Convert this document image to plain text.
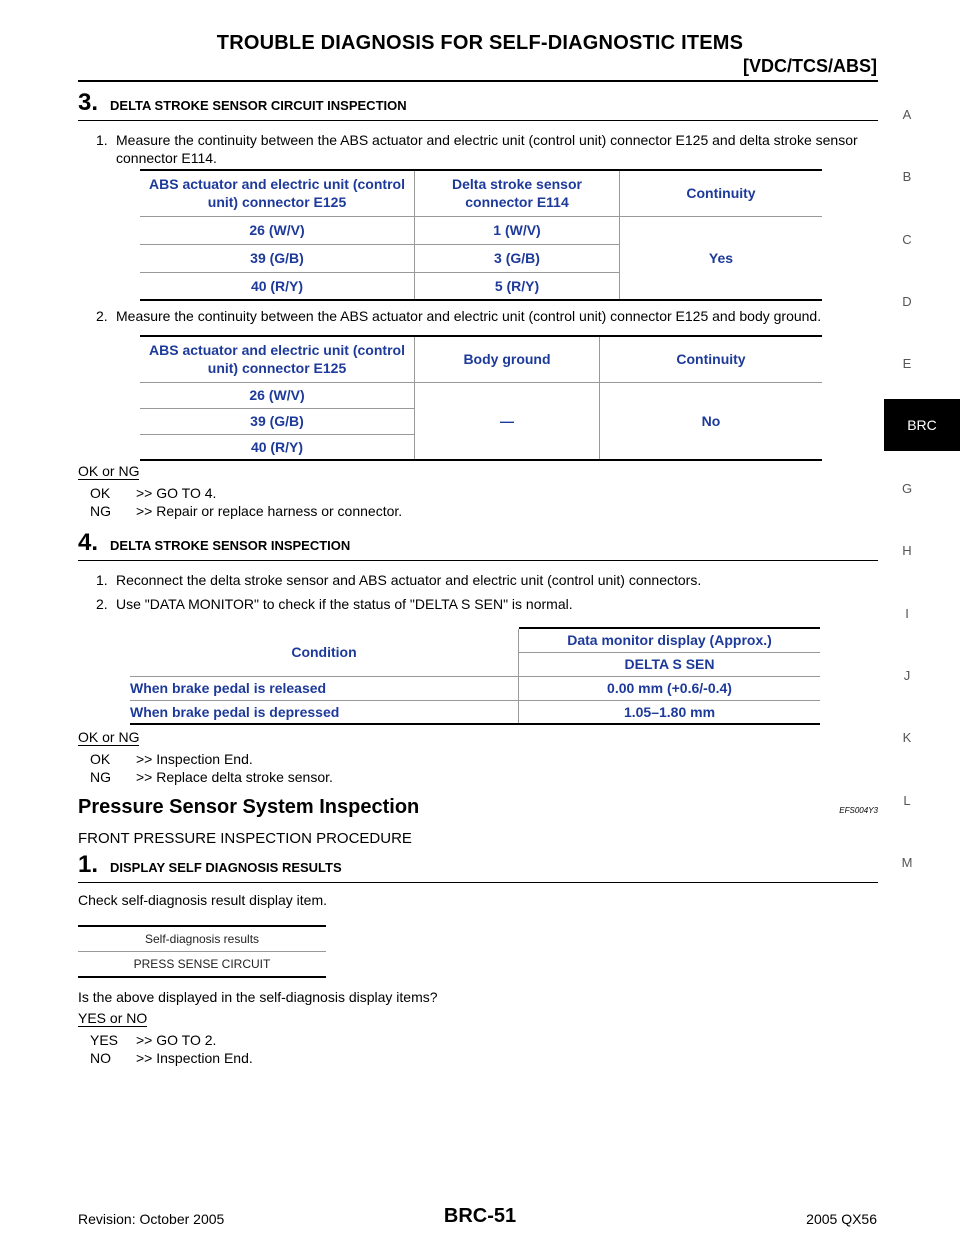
TROUBLE DIAGNOSIS FOR SELF-DIAGNOSTIC ITEMS
[VDC/TCS/ABS]
A
B
C
D
E
BRC
G
H
I
J
K
L
M
3. DELTA STROKE SENSOR CIRCUIT INSPECTION
1. Measure the continuity between the ABS actuator and electric unit (control unit) connector E125 and delta stroke sensor connector E114.
ABS actuator and electric unit (control unit) connector E125	Delta stroke sensor connector E114	Continuity
26 (W/V)	1 (W/V)	Yes
39 (G/B)	3 (G/B)	
40 (R/Y)	5 (R/Y)	
2. Measure the continuity between the ABS actuator and electric unit (control unit) connector E125 and body ground.
ABS actuator and electric unit (control unit) connector E125	Body ground	Continuity
26 (W/V)	—	No
39 (G/B)		
40 (R/Y)		
OK or NG
OK	>> GO TO 4.
NG	>> Repair or replace harness or connector.
4. DELTA STROKE SENSOR INSPECTION
1. Reconnect the delta stroke sensor and ABS actuator and electric unit (control unit) connectors.
2. Use "DATA MONITOR" to check if the status of "DELTA S SEN" is normal.
Condition	Data monitor display (Approx.)
	DELTA S SEN
When brake pedal is released	0.00 mm (+0.6/-0.4)
When brake pedal is depressed	1.05–1.80 mm
OK or NG
OK	>> Inspection End.
NG	>> Replace delta stroke sensor.
Pressure Sensor System Inspection	EFS004Y3
FRONT PRESSURE INSPECTION PROCEDURE
1. DISPLAY SELF DIAGNOSIS RESULTS
Check self-diagnosis result display item.
Self-diagnosis results
PRESS SENSE CIRCUIT
Is the above displayed in the self-diagnosis display items?
YES or NO
YES	>> GO TO 2.
NO	>> Inspection End.
Revision: October 2005	BRC-51	2005 QX56
